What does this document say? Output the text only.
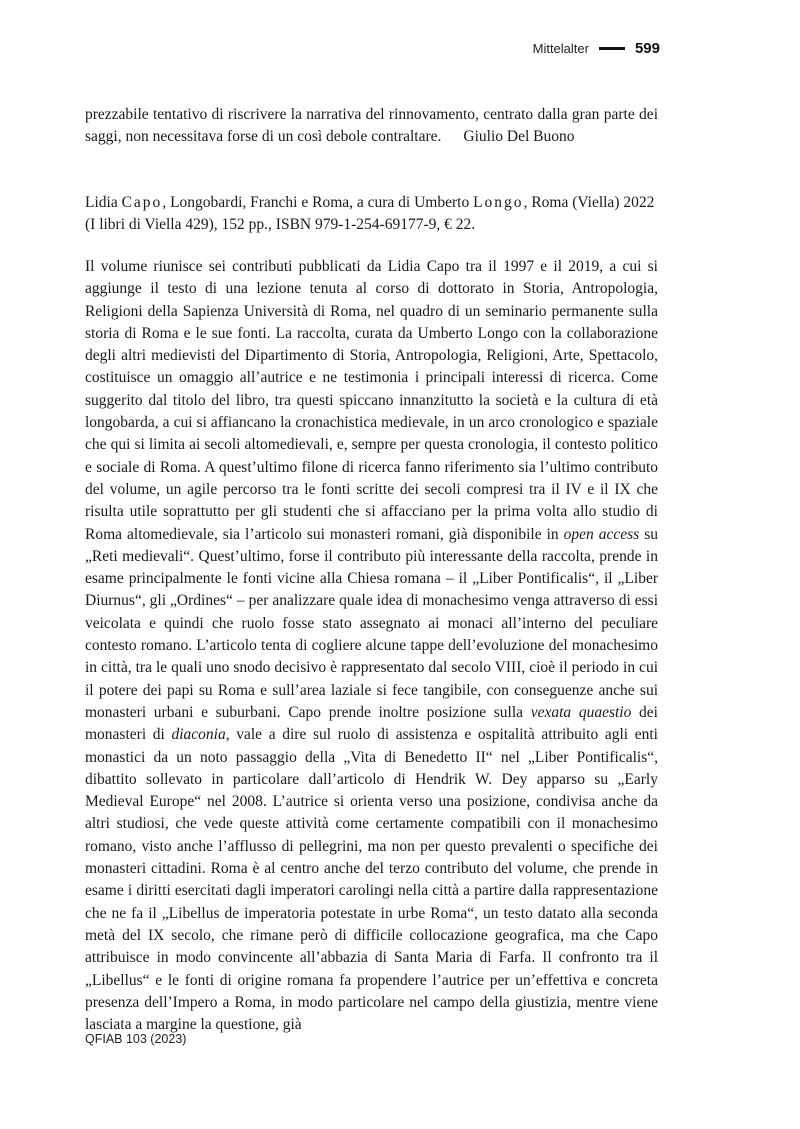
Mittelalter	599

prezzabile tentativo di riscrivere la narrativa del rinnovamento, centrato dalla gran parte dei saggi, non necessitava forse di un così debole contraltare. Giulio Del Buono

Lidia Capo, Longobardi, Franchi e Roma, a cura di Umberto Longo, Roma (Viella) 2022 (I libri di Viella 429), 152 pp., ISBN 979-1-254-69177-9, € 22.

Il volume riunisce sei contributi pubblicati da Lidia Capo tra il 1997 e il 2019, a cui si aggiunge il testo di una lezione tenuta al corso di dottorato in Storia, Antropologia, Religioni della Sapienza Università di Roma, nel quadro di un seminario permanente sulla storia di Roma e le sue fonti. La raccolta, curata da Umberto Longo con la collaborazione degli altri medievisti del Dipartimento di Storia, Antropologia, Religioni, Arte, Spettacolo, costituisce un omaggio all’autrice e ne testimonia i principali interessi di ricerca. Come suggerito dal titolo del libro, tra questi spiccano innanzitutto la società e la cultura di età longobarda, a cui si affiancano la cronachistica medievale, in un arco cronologico e spaziale che qui si limita ai secoli altomedievali, e, sempre per questa cronologia, il contesto politico e sociale di Roma. A quest’ultimo filone di ricerca fanno riferimento sia l’ultimo contributo del volume, un agile percorso tra le fonti scritte dei secoli compresi tra il IV e il IX che risulta utile soprattutto per gli studenti che si affacciano per la prima volta allo studio di Roma altomedievale, sia l’articolo sui monasteri romani, già disponibile in open access su „Reti medievali“. Quest’ultimo, forse il contributo più interessante della raccolta, prende in esame principalmente le fonti vicine alla Chiesa romana – il „Liber Pontificalis“, il „Liber Diurnus“, gli „Ordines“ – per analizzare quale idea di monachesimo venga attraverso di essi veicolata e quindi che ruolo fosse stato assegnato ai monaci all’interno del peculiare contesto romano. L’articolo tenta di cogliere alcune tappe dell’evoluzione del monachesimo in città, tra le quali uno snodo decisivo è rappresentato dal secolo VIII, cioè il periodo in cui il potere dei papi su Roma e sull’area laziale si fece tangibile, con conseguenze anche sui monasteri urbani e suburbani. Capo prende inoltre posizione sulla vexata quaestio dei monasteri di diaconia, vale a dire sul ruolo di assistenza e ospitalità attribuito agli enti monastici da un noto passaggio della „Vita di Benedetto II“ nel „Liber Pontificalis“, dibattito sollevato in particolare dall’articolo di Hendrik W. Dey apparso su „Early Medieval Europe“ nel 2008. L’autrice si orienta verso una posizione, condivisa anche da altri studiosi, che vede queste attività come certamente compatibili con il monachesimo romano, visto anche l’afflusso di pellegrini, ma non per questo prevalenti o specifiche dei monasteri cittadini. Roma è al centro anche del terzo contributo del volume, che prende in esame i diritti esercitati dagli imperatori carolingi nella città a partire dalla rappresentazione che ne fa il „Libellus de imperatoria potestate in urbe Roma“, un testo datato alla seconda metà del IX secolo, che rimane però di difficile collocazione geografica, ma che Capo attribuisce in modo convincente all’abbazia di Santa Maria di Farfa. Il confronto tra il „Libellus“ e le fonti di origine romana fa propendere l’autrice per un’effettiva e concreta presenza dell’Impero a Roma, in modo particolare nel campo della giustizia, mentre viene lasciata a margine la questione, già

QFIAB 103 (2023)
